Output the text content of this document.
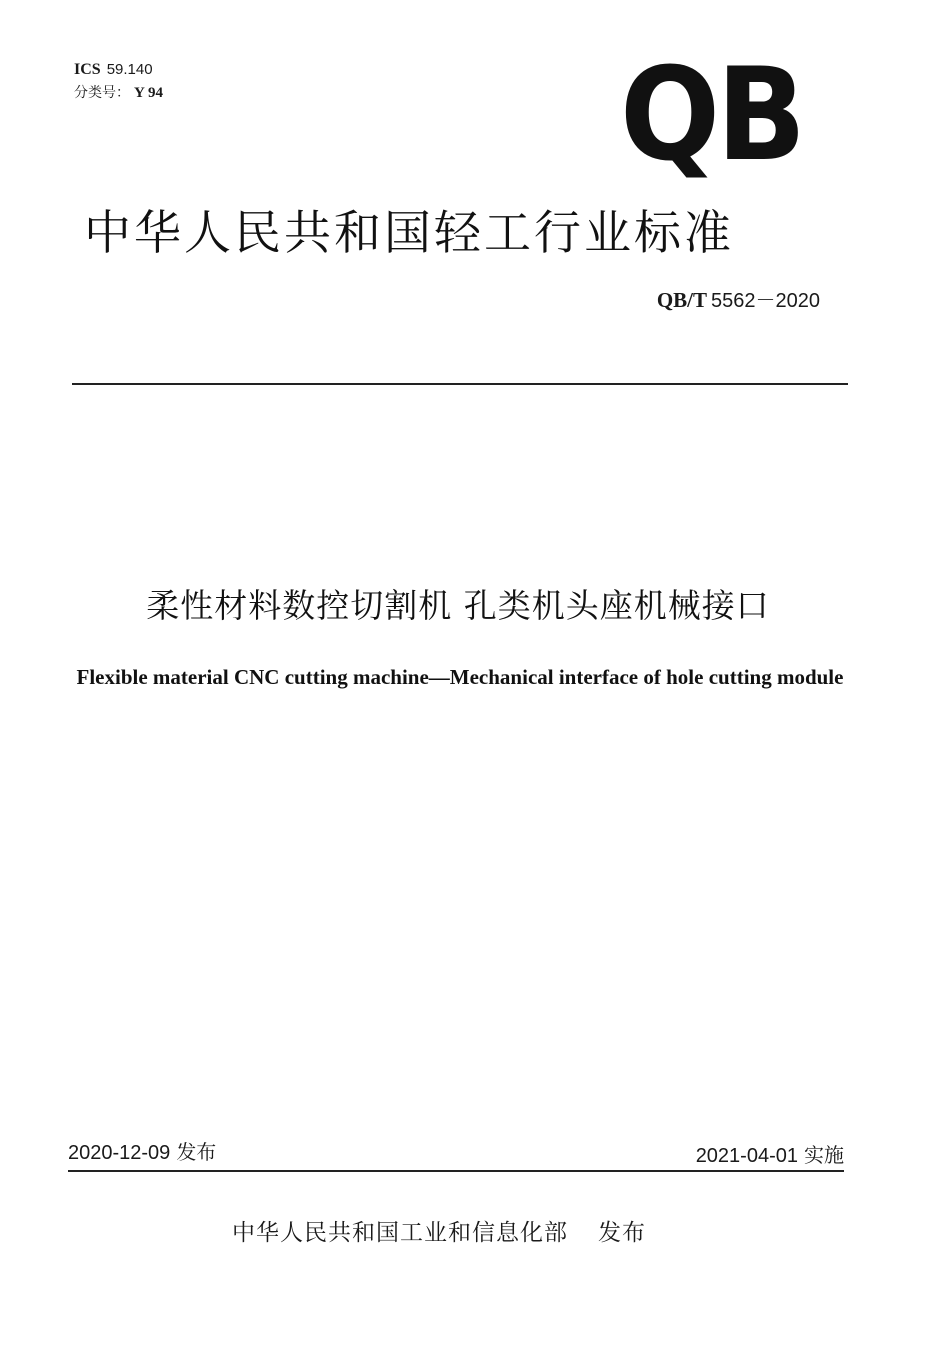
ICS 59.140
分类号： Y 94	QB
中华人民共和国轻工行业标准
QB/T 5562－2020
柔性材料数控切割机 孔类机头座机械接口
Flexible material CNC cutting machine—Mechanical interface of hole cutting module
2020-12-09 发布	2021-04-01 实施
中华人民共和国工业和信息化部 发布
